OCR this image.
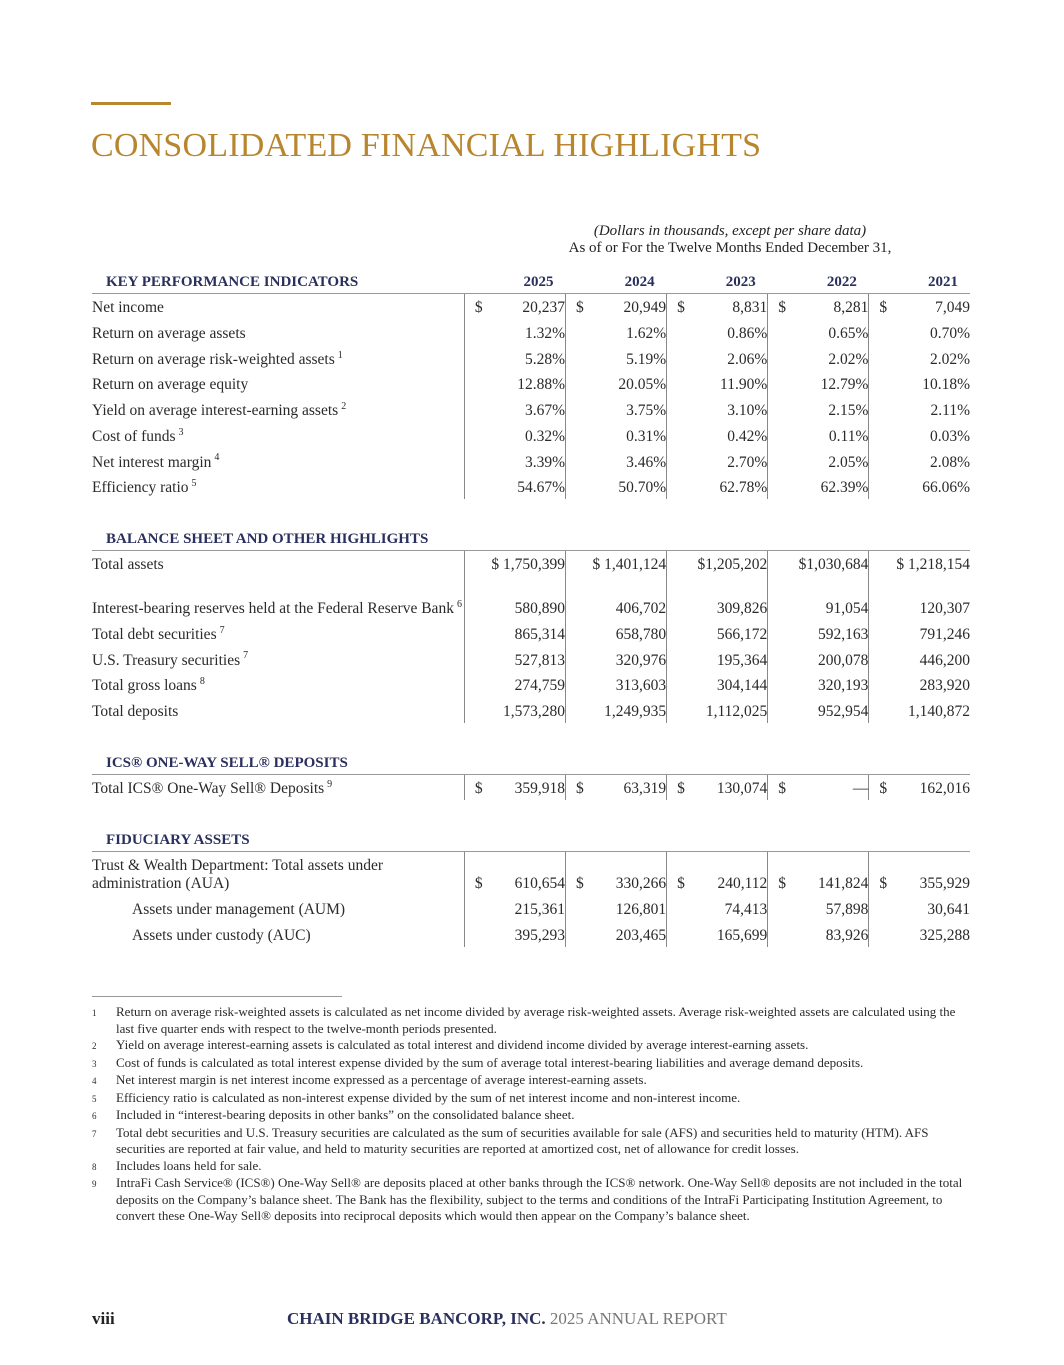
CONSOLIDATED FINANCIAL HIGHLIGHTS
(Dollars in thousands, except per share data)
As of or For the Twelve Months Ended December 31,
KEY PERFORMANCE INDICATORS	2025	2024	2023	2022	2021
Net income	$ 20,237	$ 20,949	$ 8,831	$ 8,281	$ 7,049
Return on average assets	1.32%	1.62%	0.86%	0.65%	0.70%
Return on average risk-weighted assets $^1$	5.28%	5.19%	2.06%	2.02%	2.02%
Return on average equity	12.88%	20.05%	11.90%	12.79%	10.18%
Yield on average interest-earning assets $^2$	3.67%	3.75%	3.10%	2.15%	2.11%
Cost of funds $^3$	0.32%	0.31%	0.42%	0.11%	0.03%
Net interest margin $^4$	3.39%	3.46%	2.70%	2.05%	2.08%
Efficiency ratio $^5$	54.67%	50.70%	62.78%	62.39%	66.06%

BALANCE SHEET AND OTHER HIGHLIGHTS					
Total assets	$ 1,750,399	$ 1,401,124	$1,205,202	$1,030,684	$ 1,218,154
Interest-bearing reserves held at the Federal Reserve Bank $^6$	580,890	406,702	309,826	91,054	120,307
Total debt securities $^7$	865,314	658,780	566,172	592,163	791,246
U.S. Treasury securities $^7$	527,813	320,976	195,364	200,078	446,200
Total gross loans $^8$	274,759	313,603	304,144	320,193	283,920
Total deposits	1,573,280	1,249,935	1,112,025	952,954	1,140,872

ICS® ONE-WAY SELL® DEPOSITS					
Total ICS® One-Way Sell® Deposits $^9$	$ 359,918	$ 63,319	$ 130,074	$ —	$ 162,016

FIDUCIARY ASSETS					
Trust & Wealth Department: Total assets under administration (AUA)	$ 610,654	$ 330,266	$ 240,112	$ 141,824	$ 355,929
Assets under management (AUM)	215,361	126,801	74,413	57,898	30,641
Assets under custody (AUC)	395,293	203,465	165,699	83,926	325,288
1	Return on average risk-weighted assets is calculated as net income divided by average risk-weighted assets. Average risk-weighted assets are calculated using the last five quarter ends with respect to the twelve-month periods presented.
2	Yield on average interest-earning assets is calculated as total interest and dividend income divided by average interest-earning assets.
3	Cost of funds is calculated as total interest expense divided by the sum of average total interest-bearing liabilities and average demand deposits.
4	Net interest margin is net interest income expressed as a percentage of average interest-earning assets.
5	Efficiency ratio is calculated as non-interest expense divided by the sum of net interest income and non-interest income.
6	Included in “interest-bearing deposits in other banks” on the consolidated balance sheet.
7	Total debt securities and U.S. Treasury securities are calculated as the sum of securities available for sale (AFS) and securities held to maturity (HTM). AFS securities are reported at fair value, and held to maturity securities are reported at amortized cost, net of allowance for credit losses.
8	Includes loans held for sale.
9	IntraFi Cash Service® (ICS®) One-Way Sell® are deposits placed at other banks through the ICS® network. One-Way Sell® deposits are not included in the total deposits on the Company’s balance sheet. The Bank has the flexibility, subject to the terms and conditions of the IntraFi Participating Institution Agreement, to convert these One-Way Sell® deposits into reciprocal deposits which would then appear on the Company’s balance sheet.
viii	CHAIN BRIDGE BANCORP, INC. 2025 ANNUAL REPORT
